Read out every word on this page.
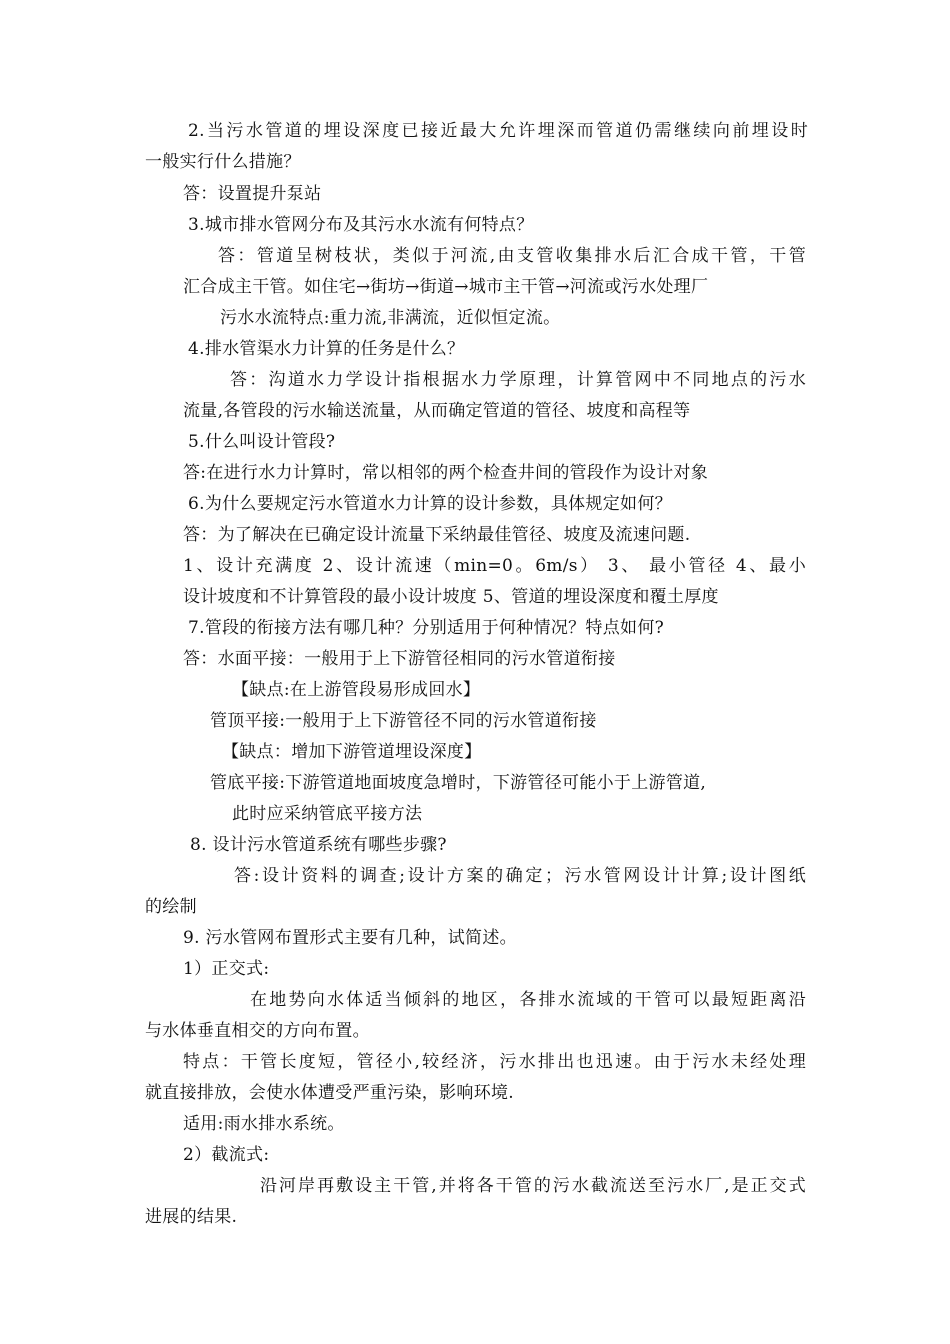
2.当污水管道的埋设深度已接近最大允许埋深而管道仍需继续向前埋设时

一般实行什么措施？

答：设置提升泵站

3.城市排水管网分布及其污水水流有何特点？

答：管道呈树枝状，类似于河流,由支管收集排水后汇合成干管，干管

汇合成主干管。如住宅→街坊→街道→城市主干管→河流或污水处理厂

污水水流特点:重力流,非满流，近似恒定流。

4.排水管渠水力计算的任务是什么？

答：沟道水力学设计指根据水力学原理，计算管网中不同地点的污水

流量,各管段的污水输送流量，从而确定管道的管径、坡度和高程等

5.什么叫设计管段?

答:在进行水力计算时，常以相邻的两个检查井间的管段作为设计对象

6.为什么要规定污水管道水力计算的设计参数，具体规定如何？

答：为了解决在已确定设计流量下采纳最佳管径、坡度及流速问题.

1、设计充满度 2、设计流速（min=0。6m/s） 3、 最小管径 4、最小

设计坡度和不计算管段的最小设计坡度 5、管道的埋设深度和覆土厚度

7.管段的衔接方法有哪几种？分别适用于何种情况？特点如何?

答：水面平接：一般用于上下游管径相同的污水管道衔接

【缺点:在上游管段易形成回水】

管顶平接:一般用于上下游管径不同的污水管道衔接

【缺点：增加下游管道埋设深度】

管底平接:下游管道地面坡度急增时，下游管径可能小于上游管道,

此时应采纳管底平接方法

8. 设计污水管道系统有哪些步骤?

答:设计资料的调查;设计方案的确定；污水管网设计计算;设计图纸

的绘制

9. 污水管网布置形式主要有几种，试简述。

1）正交式:

在地势向水体适当倾斜的地区，各排水流域的干管可以最短距离沿

与水体垂直相交的方向布置。

特点：干管长度短，管径小,较经济，污水排出也迅速。由于污水未经处理

就直接排放，会使水体遭受严重污染，影响环境.

适用:雨水排水系统。

2）截流式:

沿河岸再敷设主干管,并将各干管的污水截流送至污水厂,是正交式

进展的结果.
